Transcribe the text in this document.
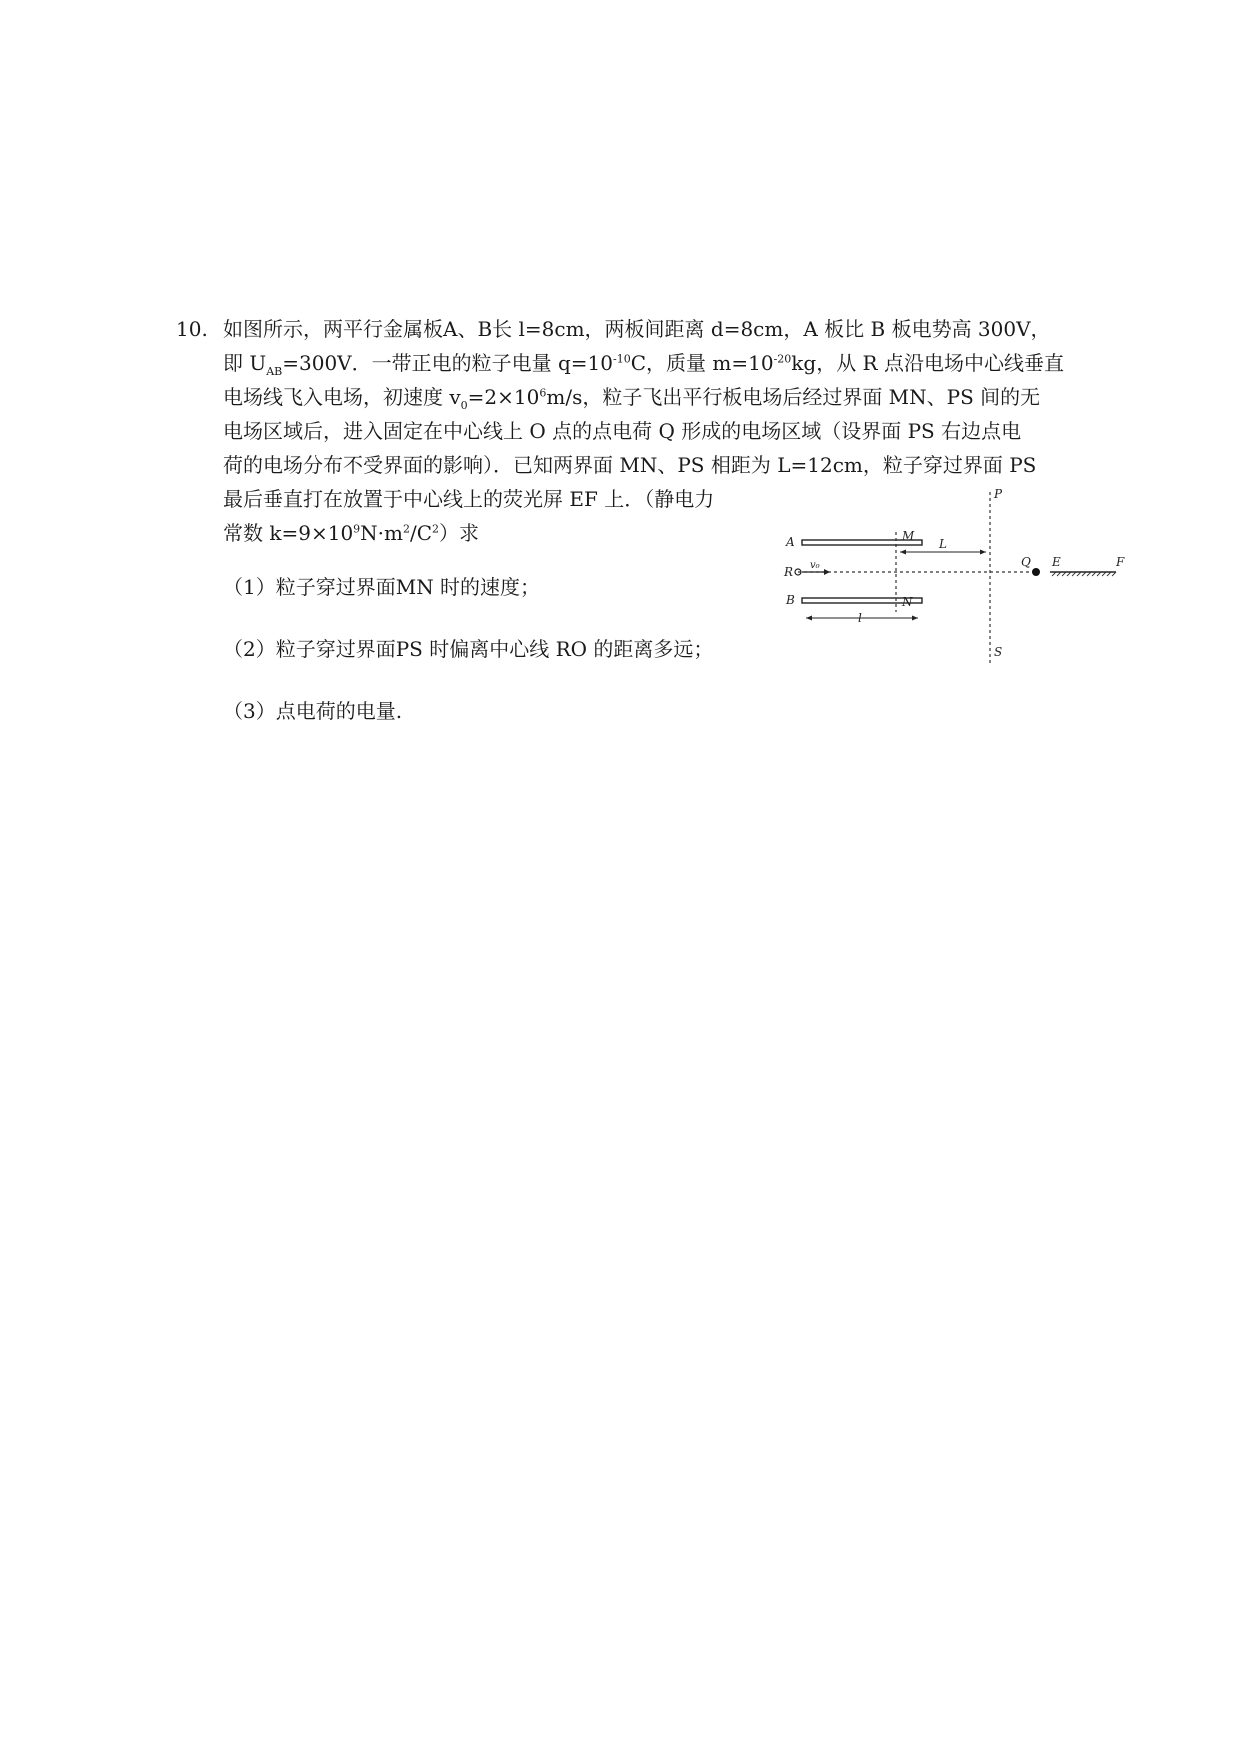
10. 如图所示，两平行金属板A、B长 l=8cm，两板间距离 d=8cm，A 板比 B 板电势高 300V，
即 $U_{AB}=300V$．一带正电的粒子电量 $q=10^{-10}C$，质量 $m=10^{-20}kg$，从 R 点沿电场中心线垂直
电场线飞入电场，初速度 $v_0=2\times 10^6m/s$，粒子飞出平行板电场后经过界面 MN、PS 间的无
电场区域后，进入固定在中心线上 O 点的点电荷 Q 形成的电场区域（设界面 PS 右边点电
荷的电场分布不受界面的影响）．已知两界面 MN、PS 相距为 L=12cm，粒子穿过界面 PS
最后垂直打在放置于中心线上的荧光屏 EF 上．（静电力
常数 $k=9\times 10^9N\cdot m^2/C^2$）求
（1）粒子穿过界面MN 时的速度；
（2）粒子穿过界面PS 时偏离中心线 RO 的距离多远；
（3）点电荷的电量.
A
B
R v₀
M
N
P
S
L
l
Q E	F
